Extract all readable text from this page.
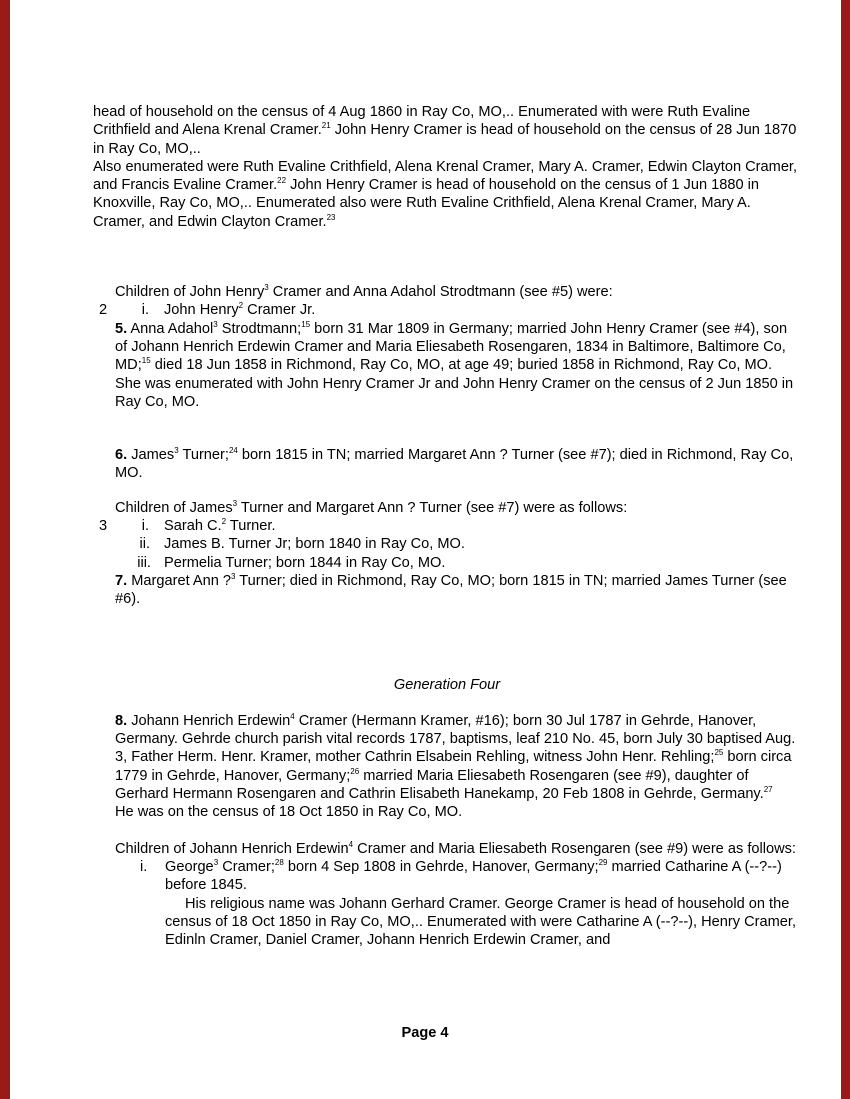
head of household on the census of 4 Aug 1860 in Ray Co, MO,.. Enumerated with were Ruth Evaline Crithfield and Alena Krenal Cramer.$^{21}$ John Henry Cramer is head of household on the census of 28 Jun 1870 in Ray Co, MO,..

Also enumerated were Ruth Evaline Crithfield, Alena Krenal Cramer, Mary A. Cramer, Edwin Clayton Cramer, and Francis Evaline Cramer.$^{22}$ John Henry Cramer is head of household on the census of 1 Jun 1880 in Knoxville, Ray Co, MO,.. Enumerated also were Ruth Evaline Crithfield, Alena Krenal Cramer, Mary A. Cramer, and Edwin Clayton Cramer.$^{23}$

Children of John Henry$^3$ Cramer and Anna Adahol Strodtmann (see #5) were:

2	i. John Henry$^2$ Cramer Jr.

5. Anna Adahol$^3$ Strodtmann;$^{15}$ born 31 Mar 1809 in Germany; married John Henry Cramer (see #4), son of Johann Henrich Erdewin Cramer and Maria Eliesabeth Rosengaren, 1834 in Baltimore, Baltimore Co, MD;$^{15}$ died 18 Jun 1858 in Richmond, Ray Co, MO, at age 49; buried 1858 in Richmond, Ray Co, MO.

She was enumerated with John Henry Cramer Jr and John Henry Cramer on the census of 2 Jun 1850 in Ray Co, MO.

6. James$^3$ Turner;$^{24}$ born 1815 in TN; married Margaret Ann ? Turner (see #7); died in Richmond, Ray Co, MO.

Children of James$^3$ Turner and Margaret Ann ? Turner (see #7) were as follows:

3	i. Sarah C.$^2$ Turner.
ii. James B. Turner Jr; born 1840 in Ray Co, MO.
iii. Permelia Turner; born 1844 in Ray Co, MO.

7. Margaret Ann ?$^3$ Turner; died in Richmond, Ray Co, MO; born 1815 in TN; married James Turner (see #6).

Generation Four

8. Johann Henrich Erdewin$^4$ Cramer (Hermann Kramer, #16); born 30 Jul 1787 in Gehrde, Hanover, Germany. Gehrde church parish vital records 1787, baptisms, leaf 210 No. 45, born July 30 baptised Aug. 3, Father Herm. Henr. Kramer, mother Cathrin Elsabein Rehling, witness John Henr. Rehling;$^{25}$ born circa 1779 in Gehrde, Hanover, Germany;$^{26}$ married Maria Eliesabeth Rosengaren (see #9), daughter of Gerhard Hermann Rosengaren and Cathrin Elisabeth Hanekamp, 20 Feb 1808 in Gehrde, Germany.$^{27}$

He was on the census of 18 Oct 1850 in Ray Co, MO.

Children of Johann Henrich Erdewin$^4$ Cramer and Maria Eliesabeth Rosengaren (see #9) were as follows:

i.	George$^3$ Cramer;$^{28}$ born 4 Sep 1808 in Gehrde, Hanover, Germany;$^{29}$ married Catharine A (--?--) before 1845.

His religious name was Johann Gerhard Cramer. George Cramer is head of household on the census of 18 Oct 1850 in Ray Co, MO,.. Enumerated with were Catharine A (--?--), Henry Cramer, Edinln Cramer, Daniel Cramer, Johann Henrich Erdewin Cramer, and

Page 4
